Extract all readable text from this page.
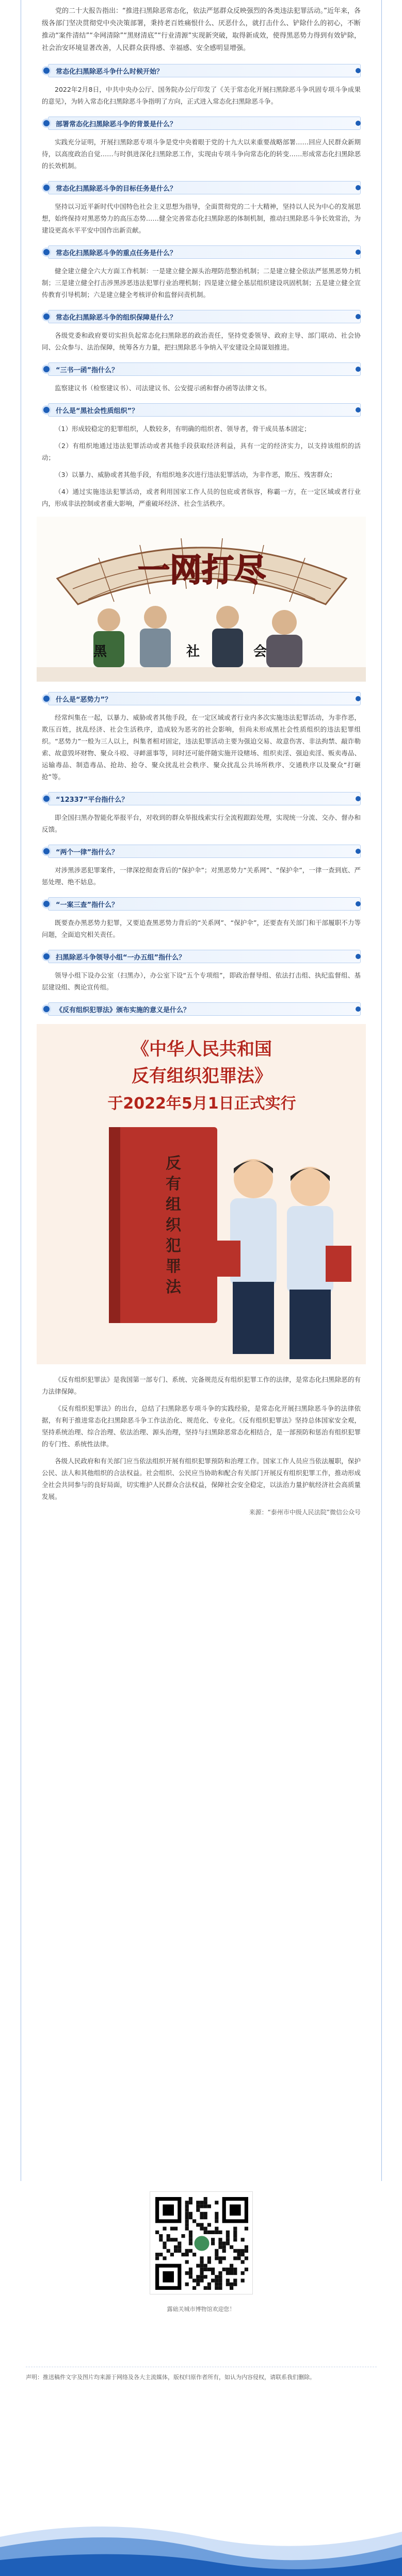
党的二十大报告指出：“推进扫黑除恶常态化，依法严惩群众反映强烈的各类违法犯罪活动。”近年来，各级各部门坚决贯彻党中央决策部署，秉持老百姓痛恨什么、厌恶什么，就打击什么、铲除什么的初心，不断推动“案件清结”“伞网清除”“黑财清底”“行业清源”实现新突破，取得新成效，使得黑恶势力得到有效铲除，社会治安环境显著改善，人民群众获得感、幸福感、安全感明显增强。

常态化扫黑除恶斗争什么时候开始？

2022年2月8日，中共中央办公厅、国务院办公厅印发了《关于常态化开展扫黑除恶斗争巩固专项斗争成果的意见》，为转入常态化扫黑除恶斗争指明了方向，正式进入常态化扫黑除恶斗争。

部署常态化扫黑除恶斗争的背景是什么？

实践充分证明，开展扫黑除恶专项斗争是党中央着眼于党的十九大以来重要战略部署……回应人民群众新期待，以高度政治自觉……与时俱进深化扫黑除恶工作，实现由专项斗争向常态化的转变……形成常态化扫黑除恶的长效机制。

常态化扫黑除恶斗争的目标任务是什么？

坚持以习近平新时代中国特色社会主义思想为指导，全面贯彻党的二十大精神，坚持以人民为中心的发展思想，始终保持对黑恶势力的高压态势……健全完善常态化扫黑除恶的体制机制，推动扫黑除恶斗争长效常治，为建设更高水平平安中国作出新贡献。

常态化扫黑除恶斗争的重点任务是什么？

健全建立健全六大方面工作机制：一是建立健全源头治理防范整治机制；二是建立健全依法严惩黑恶势力机制；三是建立健全打击涉黑涉恶违法犯罪行业治理机制；四是建立健全基层组织建设巩固机制；五是建立健全宣传教育引导机制；六是建立健全考核评价和监督问责机制。

常态化扫黑除恶斗争的组织保障是什么？

各级党委和政府要切实担负起常态化扫黑除恶的政治责任，坚持党委领导、政府主导、部门联动、社会协同、公众参与、法治保障，统筹各方力量，把扫黑除恶斗争纳入平安建设全局谋划推进。

“三书一函”指什么？

监察建议书（检察建议书）、司法建议书、公安提示函和督办函等法律文书。

什么是“黑社会性质组织”？

（1）形成较稳定的犯罪组织，人数较多，有明确的组织者、领导者，骨干成员基本固定；

（2）有组织地通过违法犯罪活动或者其他手段获取经济利益，具有一定的经济实力，以支持该组织的活动；

（3）以暴力、威胁或者其他手段，有组织地多次进行违法犯罪活动，为非作恶，欺压、残害群众；

（4）通过实施违法犯罪活动，或者利用国家工作人员的包庇或者纵容，称霸一方，在一定区域或者行业内，形成非法控制或者重大影响，严重破坏经济、社会生活秩序。

一网打尽
黑	社	会
什么是“恶势力”？

经常纠集在一起，以暴力、威胁或者其他手段，在一定区域或者行业内多次实施违法犯罪活动，为非作恶，欺压百姓，扰乱经济、社会生活秩序，造成较为恶劣的社会影响，但尚未形成黑社会性质组织的违法犯罪组织。“恶势力”一般为三人以上，纠集者相对固定，违法犯罪活动主要为强迫交易、故意伤害、非法拘禁、敲诈勒索、故意毁坏财物、聚众斗殴、寻衅滋事等，同时还可能伴随实施开设赌场、组织卖淫、强迫卖淫、贩卖毒品、运输毒品、制造毒品、抢劫、抢夺、聚众扰乱社会秩序、聚众扰乱公共场所秩序、交通秩序以及聚众“打砸抢”等。

“12337”平台指什么？

即全国扫黑办智能化举报平台，对收到的群众举报线索实行全流程跟踪处理，实现统一分流、交办、督办和反馈。

“两个一律”指什么？

对涉黑涉恶犯罪案件，一律深挖彻查背后的“保护伞”；对黑恶势力“关系网”、“保护伞”，一律一查到底、严惩处理、绝不姑息。

“一案三查”指什么？

既要查办黑恶势力犯罪，又要追查黑恶势力背后的“关系网”、“保护伞”，还要查有关部门和干部履职不力等问题，全面追究相关责任。

扫黑除恶斗争领导小组“一办五组”指什么？

领导小组下设办公室（扫黑办），办公室下设“五个专项组”，即政治督导组、依法打击组、执纪监督组、基层建设组、舆论宣传组。

《反有组织犯罪法》颁布实施的意义是什么？
《中华人民共和国
反有组织犯罪法》
于2022年5月1日正式实行
反 有 组 织 犯 罪 法

《反有组织犯罪法》是我国第一部专门、系统、完备规范反有组织犯罪工作的法律，是常态化扫黑除恶的有力法律保障。

《反有组织犯罪法》的出台，总结了扫黑除恶专项斗争的实践经验，是常态化开展扫黑除恶斗争的法律依据，有利于推进常态化扫黑除恶斗争工作法治化、规范化、专业化。《反有组织犯罪法》坚持总体国家安全观，坚持系统治理、综合治理、依法治理、源头治理，坚持与扫黑除恶常态化相结合，是一部预防和惩治有组织犯罪的专门性、系统性法律。

各级人民政府和有关部门应当依法组织开展有组织犯罪预防和治理工作。国家工作人员应当依法履职，保护公民、法人和其他组织的合法权益。社会组织、公民应当协助和配合有关部门开展反有组织犯罪工作，推动形成全社会共同参与的良好局面，切实维护人民群众合法权益，保障社会安全稳定，以法治力量护航经济社会高质量发展。

来源：“泰州市中级人民法院”微信公众号

露础关城市博物馆欢迎您！

声明：推送稿件文字及图片均来源于网络及各大主流媒体，版权归原作者所有，如认为内容侵权，请联系我们删除。
